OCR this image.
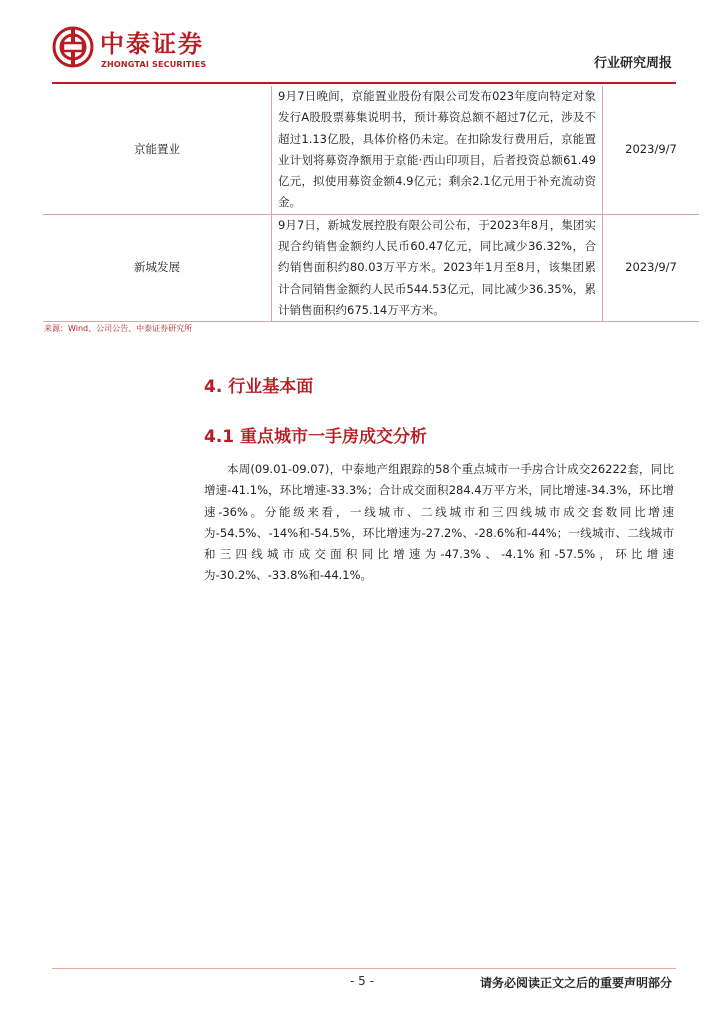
中泰证券
ZHONGTAI SECURITIES	行业研究周报
京能置业	9月7日晚间，京能置业股份有限公司发布023年度向特定对象发行A股股票募集说明书，预计募资总额不超过7亿元，涉及不超过1.13亿股，具体价格仍未定。在扣除发行费用后，京能置业计划将募资净额用于京能·西山印项目，后者投资总额61.49亿元，拟使用募资金额4.9亿元；剩余2.1亿元用于补充流动资金。	2023/9/7
新城发展	9月7日，新城发展控股有限公司公布，于2023年8月，集团实现合约销售金额约人民币60.47亿元，同比减少36.32%，合约销售面积约80.03万平方米。2023年1月至8月，该集团累计合同销售金额约人民币544.53亿元，同比减少36.35%，累计销售面积约675.14万平方米。	2023/9/7
来源：Wind、公司公告、中泰证券研究所
4. 行业基本面
4.1 重点城市一手房成交分析

本周(09.01-09.07)，中泰地产组跟踪的58个重点城市一手房合计成交26222套，同比增速-41.1%，环比增速-33.3%；合计成交面积284.4万平方米，同比增速-34.3%，环比增速-36%。分能级来看，一线城市、二线城市和三四线城市成交套数同比增速为-54.5%、-14%和-54.5%，环比增速为-27.2%、-28.6%和-44%；一线城市、二线城市和三四线城市成交面积同比增速为-47.3%、-4.1%和-57.5%，环比增速为-30.2%、-33.8%和-44.1%。

- 5 -	请务必阅读正文之后的重要声明部分
